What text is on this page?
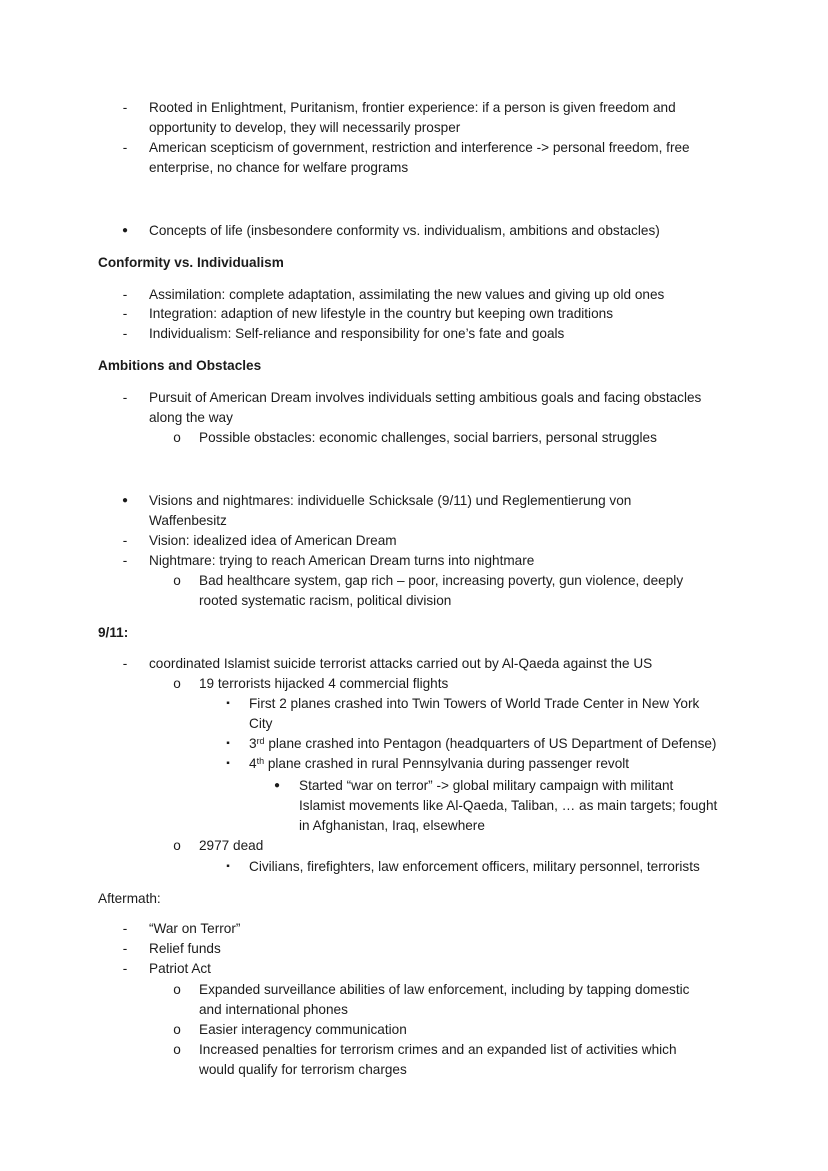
-	Rooted in Enlightment, Puritanism, frontier experience: if a person is given freedom and
opportunity to develop, they will necessarily prosper
-	American scepticism of government, restriction and interference -> personal freedom, free
enterprise, no chance for welfare programs
● Concepts of life (insbesondere conformity vs. individualism, ambitions and obstacles)
Conformity vs. Individualism
-	Assimilation: complete adaptation, assimilating the new values and giving up old ones
-	Integration: adaption of new lifestyle in the country but keeping own traditions
-	Individualism: Self-reliance and responsibility for one’s fate and goals
Ambitions and Obstacles
-	Pursuit of American Dream involves individuals setting ambitious goals and facing obstacles
along the way
o Possible obstacles: economic challenges, social barriers, personal struggles
● Visions and nightmares: individuelle Schicksale (9/11) und Reglementierung von
Waffenbesitz
-	Vision: idealized idea of American Dream
-	Nightmare: trying to reach American Dream turns into nightmare
o Bad healthcare system, gap rich – poor, increasing poverty, gun violence, deeply
rooted systematic racism, political division
9/11:
-	coordinated Islamist suicide terrorist attacks carried out by Al-Qaeda against the US
o 19 terrorists hijacked 4 commercial flights
▪	First 2 planes crashed into Twin Towers of World Trade Center in New York
City
▪	3rd plane crashed into Pentagon (headquarters of US Department of Defense)
▪	4th plane crashed in rural Pennsylvania during passenger revolt
● Started “war on terror” -> global military campaign with militant
Islamist movements like Al-Qaeda, Taliban, … as main targets; fought
in Afghanistan, Iraq, elsewhere
o 2977 dead
▪	Civilians, firefighters, law enforcement officers, military personnel, terrorists
Aftermath:
-	“War on Terror”
-	Relief funds
-	Patriot Act
o Expanded surveillance abilities of law enforcement, including by tapping domestic
and international phones
o Easier interagency communication
o Increased penalties for terrorism crimes and an expanded list of activities which
would qualify for terrorism charges
